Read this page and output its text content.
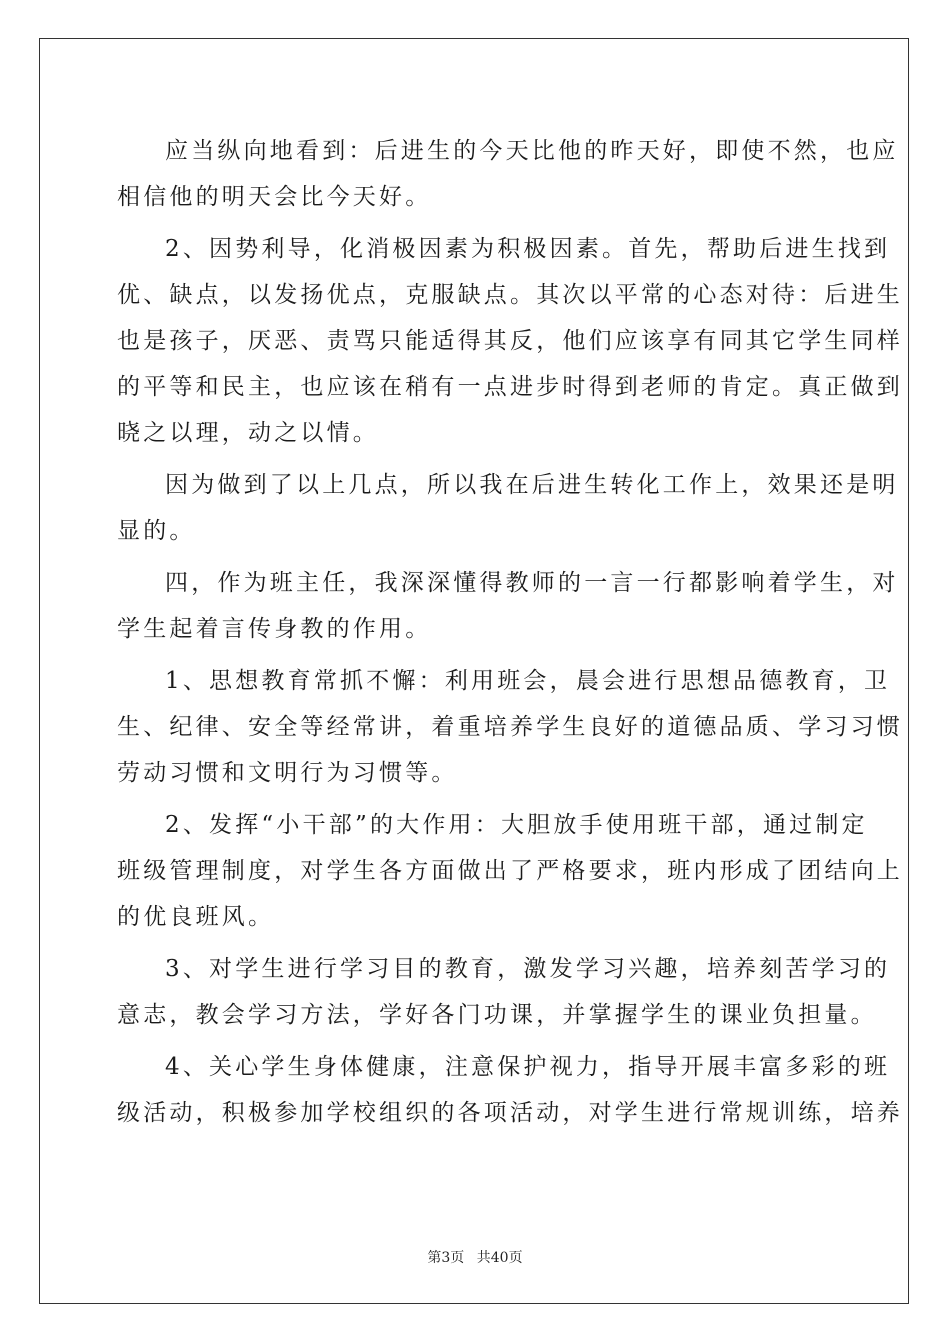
应当纵向地看到：后进生的今天比他的昨天好，即使不然，也应
相信他的明天会比今天好。
2、因势利导，化消极因素为积极因素。首先，帮助后进生找到
优、缺点，以发扬优点，克服缺点。其次以平常的心态对待：后进生
也是孩子，厌恶、责骂只能适得其反，他们应该享有同其它学生同样
的平等和民主，也应该在稍有一点进步时得到老师的肯定。真正做到
晓之以理，动之以情。
因为做到了以上几点，所以我在后进生转化工作上，效果还是明
显的。
四，作为班主任，我深深懂得教师的一言一行都影响着学生，对
学生起着言传身教的作用。
1、思想教育常抓不懈：利用班会，晨会进行思想品德教育，卫
生、纪律、安全等经常讲，着重培养学生良好的道德品质、学习习惯
劳动习惯和文明行为习惯等。
2、发挥“小干部”的大作用：大胆放手使用班干部，通过制定
班级管理制度，对学生各方面做出了严格要求，班内形成了团结向上
的优良班风。
3、对学生进行学习目的教育，激发学习兴趣，培养刻苦学习的
意志，教会学习方法，学好各门功课，并掌握学生的课业负担量。
4、关心学生身体健康，注意保护视力，指导开展丰富多彩的班
级活动，积极参加学校组织的各项活动，对学生进行常规训练，培养
第3页 共40页
